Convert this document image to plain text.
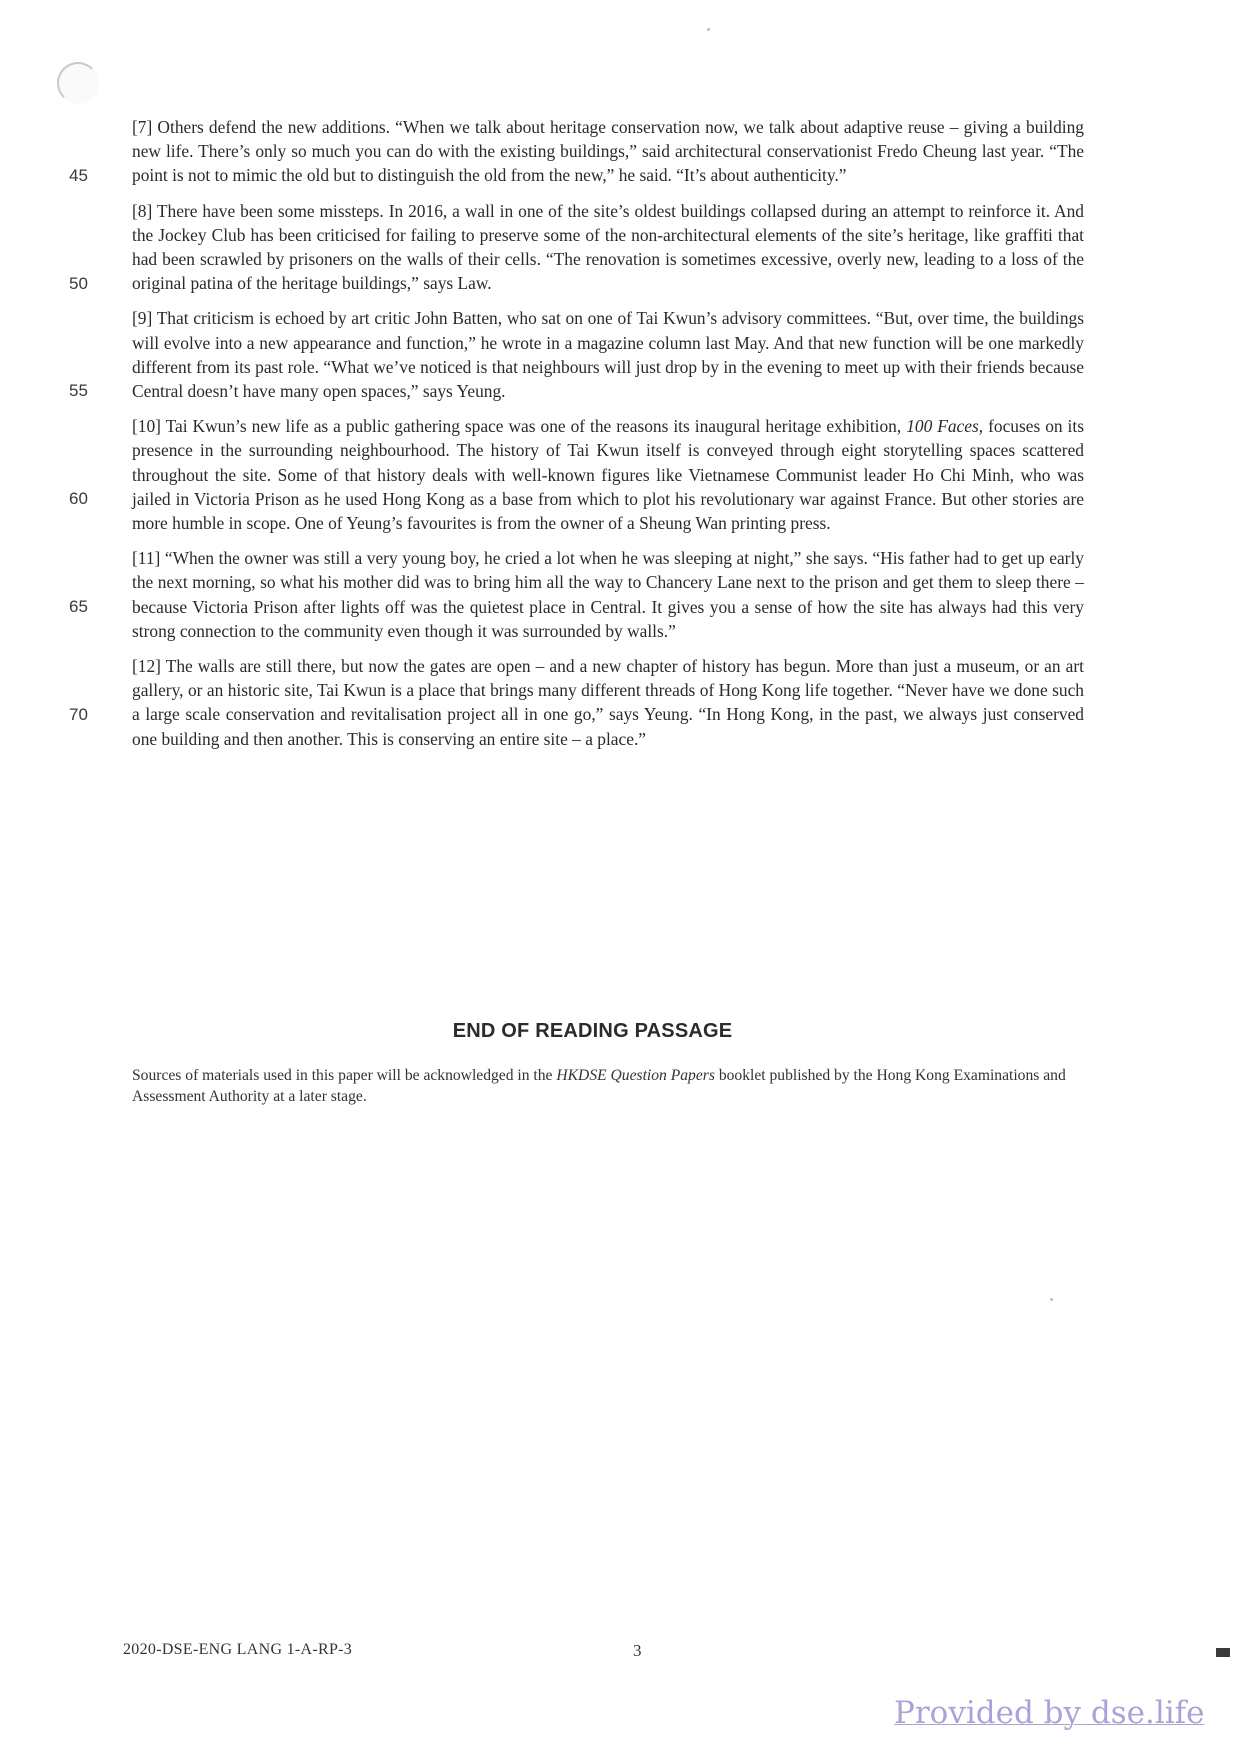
45
[7] Others defend the new additions. “When we talk about heritage conservation now, we talk about adaptive reuse – giving a building new life. There’s only so much you can do with the existing buildings,” said architectural conservationist Fredo Cheung last year. “The point is not to mimic the old but to distinguish the old from the new,” he said. “It’s about authenticity.”
50
[8] There have been some missteps. In 2016, a wall in one of the site’s oldest buildings collapsed during an attempt to reinforce it. And the Jockey Club has been criticised for failing to preserve some of the non-architectural elements of the site’s heritage, like graffiti that had been scrawled by prisoners on the walls of their cells. “The renovation is sometimes excessive, overly new, leading to a loss of the original patina of the heritage buildings,” says Law.
55
[9] That criticism is echoed by art critic John Batten, who sat on one of Tai Kwun’s advisory committees. “But, over time, the buildings will evolve into a new appearance and function,” he wrote in a magazine column last May. And that new function will be one markedly different from its past role. “What we’ve noticed is that neighbours will just drop by in the evening to meet up with their friends because Central doesn’t have many open spaces,” says Yeung.
60
[10] Tai Kwun’s new life as a public gathering space was one of the reasons its inaugural heritage exhibition, 100 Faces, focuses on its presence in the surrounding neighbourhood. The history of Tai Kwun itself is conveyed through eight storytelling spaces scattered throughout the site. Some of that history deals with well-known figures like Vietnamese Communist leader Ho Chi Minh, who was jailed in Victoria Prison as he used Hong Kong as a base from which to plot his revolutionary war against France. But other stories are more humble in scope. One of Yeung’s favourites is from the owner of a Sheung Wan printing press.
65
[11] “When the owner was still a very young boy, he cried a lot when he was sleeping at night,” she says. “His father had to get up early the next morning, so what his mother did was to bring him all the way to Chancery Lane next to the prison and get them to sleep there – because Victoria Prison after lights off was the quietest place in Central. It gives you a sense of how the site has always had this very strong connection to the community even though it was surrounded by walls.”
70
[12] The walls are still there, but now the gates are open – and a new chapter of history has begun. More than just a museum, or an art gallery, or an historic site, Tai Kwun is a place that brings many different threads of Hong Kong life together. “Never have we done such a large scale conservation and revitalisation project all in one go,” says Yeung. “In Hong Kong, in the past, we always just conserved one building and then another. This is conserving an entire site – a place.”
END OF READING PASSAGE
Sources of materials used in this paper will be acknowledged in the HKDSE Question Papers booklet published by the Hong Kong Examinations and Assessment Authority at a later stage.
2020-DSE-ENG LANG 1-A-RP-3	3
Provided by dse.life
